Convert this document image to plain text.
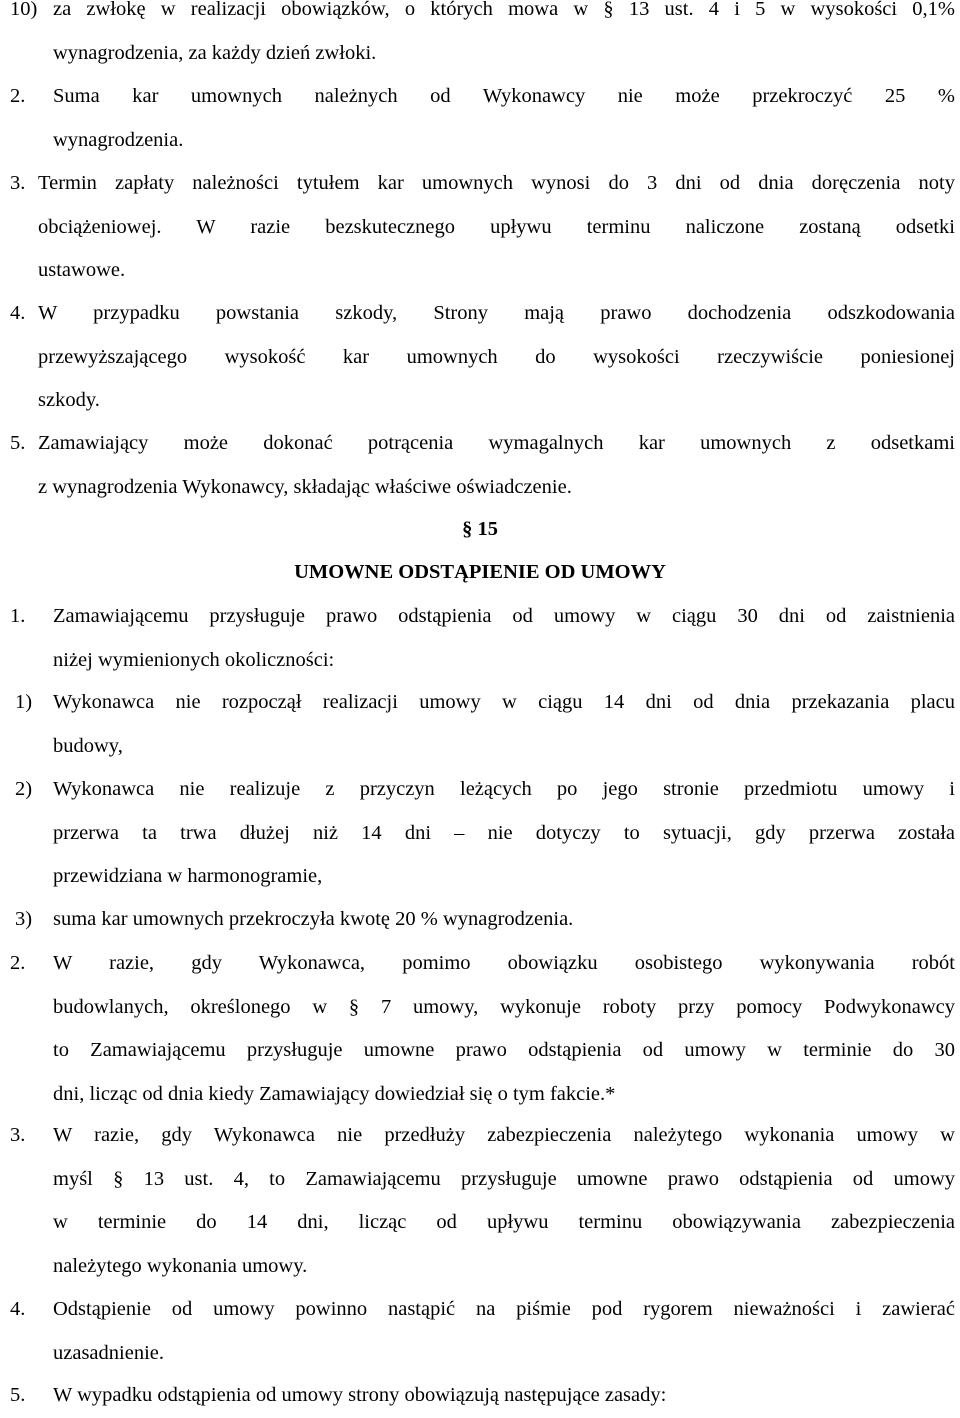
10) za zwłokę w realizacji obowiązków, o których mowa w § 13 ust. 4 i 5 w wysokości 0,1%
wynagrodzenia, za każdy dzień zwłoki.
2. Suma kar umownych należnych od Wykonawcy nie może przekroczyć 25 %
wynagrodzenia.
3. Termin zapłaty należności tytułem kar umownych wynosi do 3 dni od dnia doręczenia noty
obciążeniowej. W razie bezskutecznego upływu terminu naliczone zostaną odsetki
ustawowe.
4. W przypadku powstania szkody, Strony mają prawo dochodzenia odszkodowania
przewyższającego wysokość kar umownych do wysokości rzeczywiście poniesionej
szkody.
5. Zamawiający może dokonać potrącenia wymagalnych kar umownych z odsetkami
z wynagrodzenia Wykonawcy, składając właściwe oświadczenie.
§ 15
UMOWNE ODSTĄPIENIE OD UMOWY
1. Zamawiającemu przysługuje prawo odstąpienia od umowy w ciągu 30 dni od zaistnienia
niżej wymienionych okoliczności:
1) Wykonawca nie rozpoczął realizacji umowy w ciągu 14 dni od dnia przekazania placu
budowy,
2) Wykonawca nie realizuje z przyczyn leżących po jego stronie przedmiotu umowy i
przerwa ta trwa dłużej niż 14 dni – nie dotyczy to sytuacji, gdy przerwa została
przewidziana w harmonogramie,
3) suma kar umownych przekroczyła kwotę 20 % wynagrodzenia.
2. W razie, gdy Wykonawca, pomimo obowiązku osobistego wykonywania robót
budowlanych, określonego w § 7 umowy, wykonuje roboty przy pomocy Podwykonawcy
to Zamawiającemu przysługuje umowne prawo odstąpienia od umowy w terminie do 30
dni, licząc od dnia kiedy Zamawiający dowiedział się o tym fakcie.*
3. W razie, gdy Wykonawca nie przedłuży zabezpieczenia należytego wykonania umowy w
myśl § 13 ust. 4, to Zamawiającemu przysługuje umowne prawo odstąpienia od umowy
w terminie do 14 dni, licząc od upływu terminu obowiązywania zabezpieczenia
należytego wykonania umowy.
4. Odstąpienie od umowy powinno nastąpić na piśmie pod rygorem nieważności i zawierać
uzasadnienie.
5. W wypadku odstąpienia od umowy strony obowiązują następujące zasady:
